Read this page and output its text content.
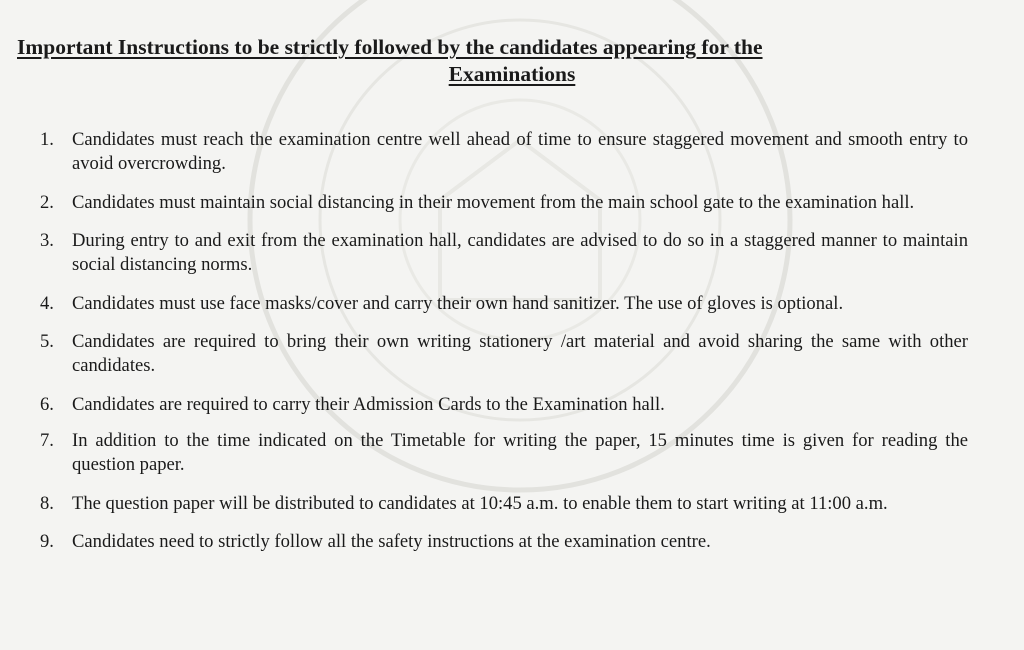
Important Instructions to be strictly followed by the candidates appearing for the
Examinations
1. Candidates must reach the examination centre well ahead of time to ensure staggered movement and smooth entry to avoid overcrowding.
2. Candidates must maintain social distancing in their movement from the main school gate to the examination hall.
3. During entry to and exit from the examination hall, candidates are advised to do so in a staggered manner to maintain social distancing norms.
4. Candidates must use face masks/cover and carry their own hand sanitizer. The use of gloves is optional.
5. Candidates are required to bring their own writing stationery /art material and avoid sharing the same with other candidates.
6. Candidates are required to carry their Admission Cards to the Examination hall.
7. In addition to the time indicated on the Timetable for writing the paper, 15 minutes time is given for reading the question paper.
8. The question paper will be distributed to candidates at 10:45 a.m. to enable them to start writing at 11:00 a.m.
9. Candidates need to strictly follow all the safety instructions at the examination centre.
